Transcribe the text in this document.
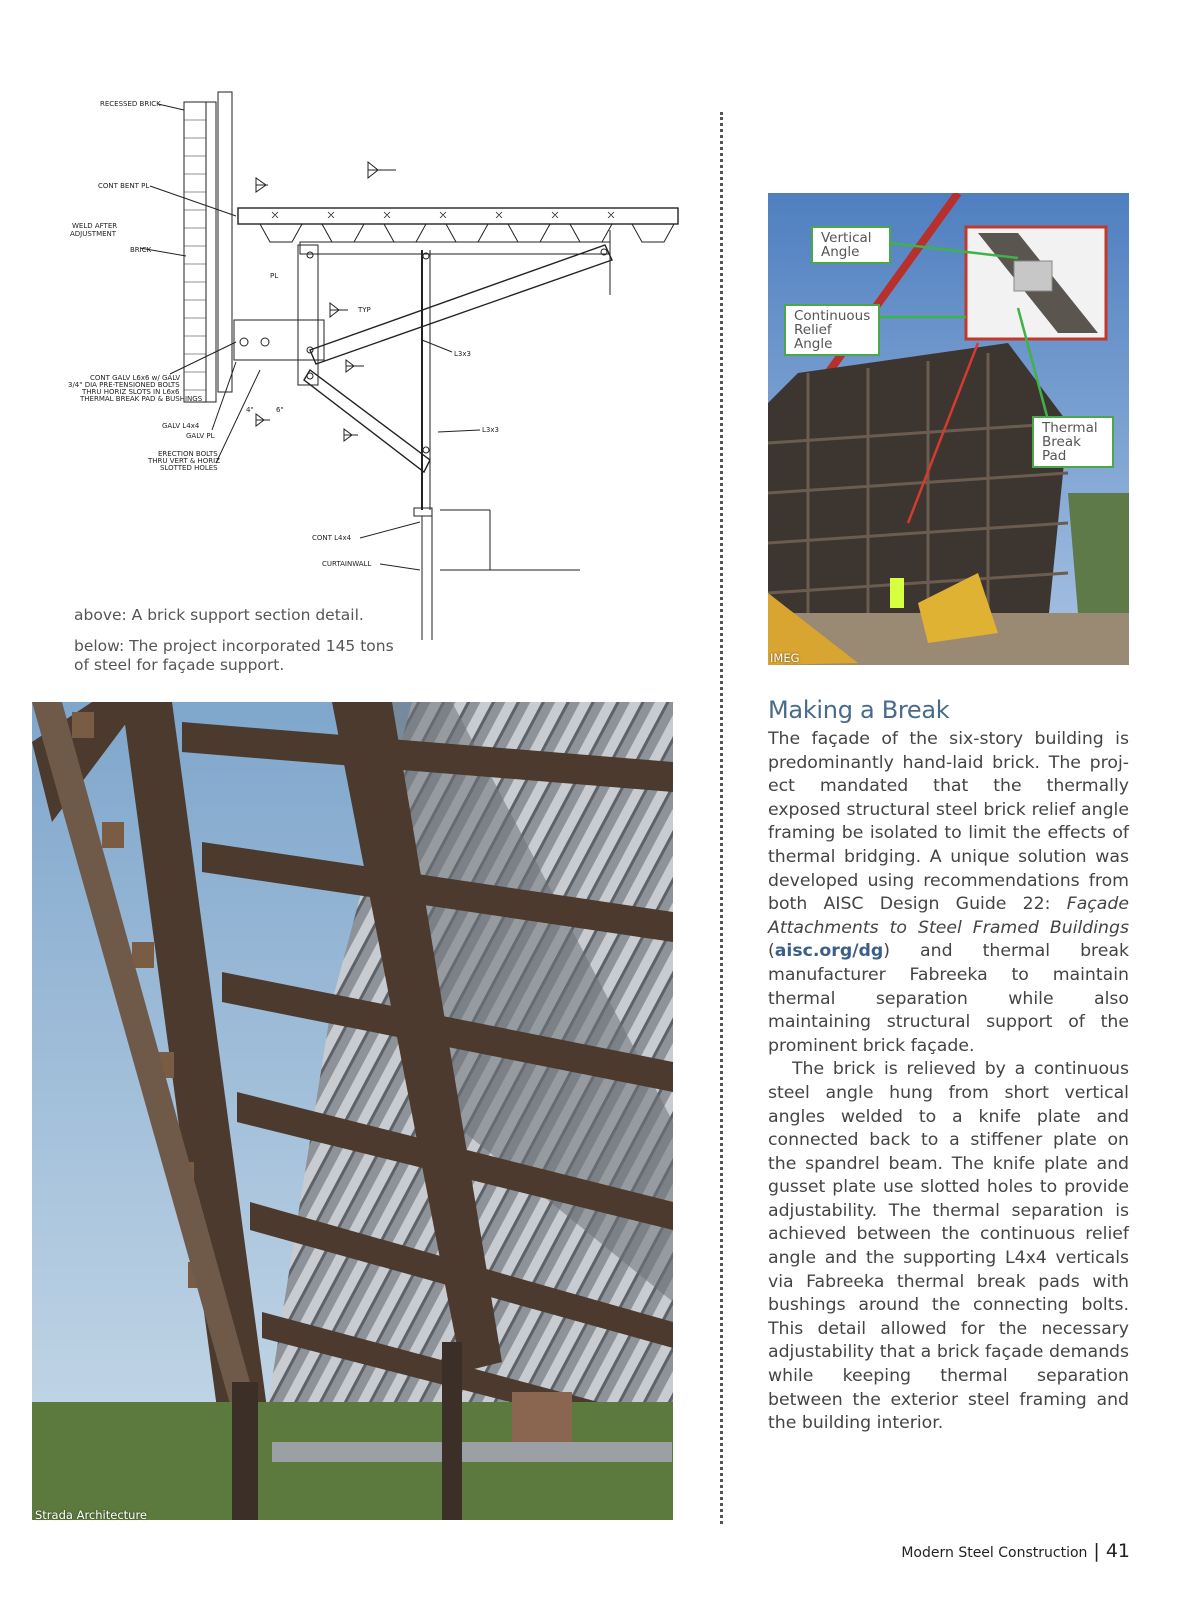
RECESSED BRICK
CONT BENT PL
WELD AFTER
ADJUSTMENT
BRICK
PL
TYP
L3x3
L3x3
CONT GALV L6x6 w/ GALV
3/4" DIA PRE-TENSIONED BOLTS
THRU HORIZ SLOTS IN L6x6
THERMAL BREAK PAD & BUSHINGS
GALV L4x4
GALV PL
ERECTION BOLTS
THRU VERT & HORIZ
SLOTTED HOLES
CONT L4x4
CURTAINWALL
4"	6"

above: A brick support section detail.

below: The project incorporated 145 tons of steel for façade support.

Strada Architecture
Vertical Angle
Continuous Relief Angle
Thermal Break Pad
IMEG
Making a Break

The façade of the six-story building is predominantly hand-laid brick. The project mandated that the thermally exposed structural steel brick relief angle framing be isolated to limit the effects of thermal bridging. A unique solution was developed using recommendations from both AISC Design Guide 22: Façade Attachments to Steel Framed Buildings (aisc.org/dg) and thermal break manufacturer Fabreeka to maintain thermal separation while also maintaining structural support of the prominent brick façade.

The brick is relieved by a continuous steel angle hung from short vertical angles welded to a knife plate and connected back to a stiffener plate on the spandrel beam. The knife plate and gusset plate use slotted holes to provide adjustability. The thermal separation is achieved between the continuous relief angle and the supporting L4x4 verticals via Fabreeka thermal break pads with bushings around the connecting bolts. This detail allowed for the necessary adjustability that a brick façade demands while keeping thermal separation between the exterior steel framing and the building interior.

Modern Steel Construction | 41
